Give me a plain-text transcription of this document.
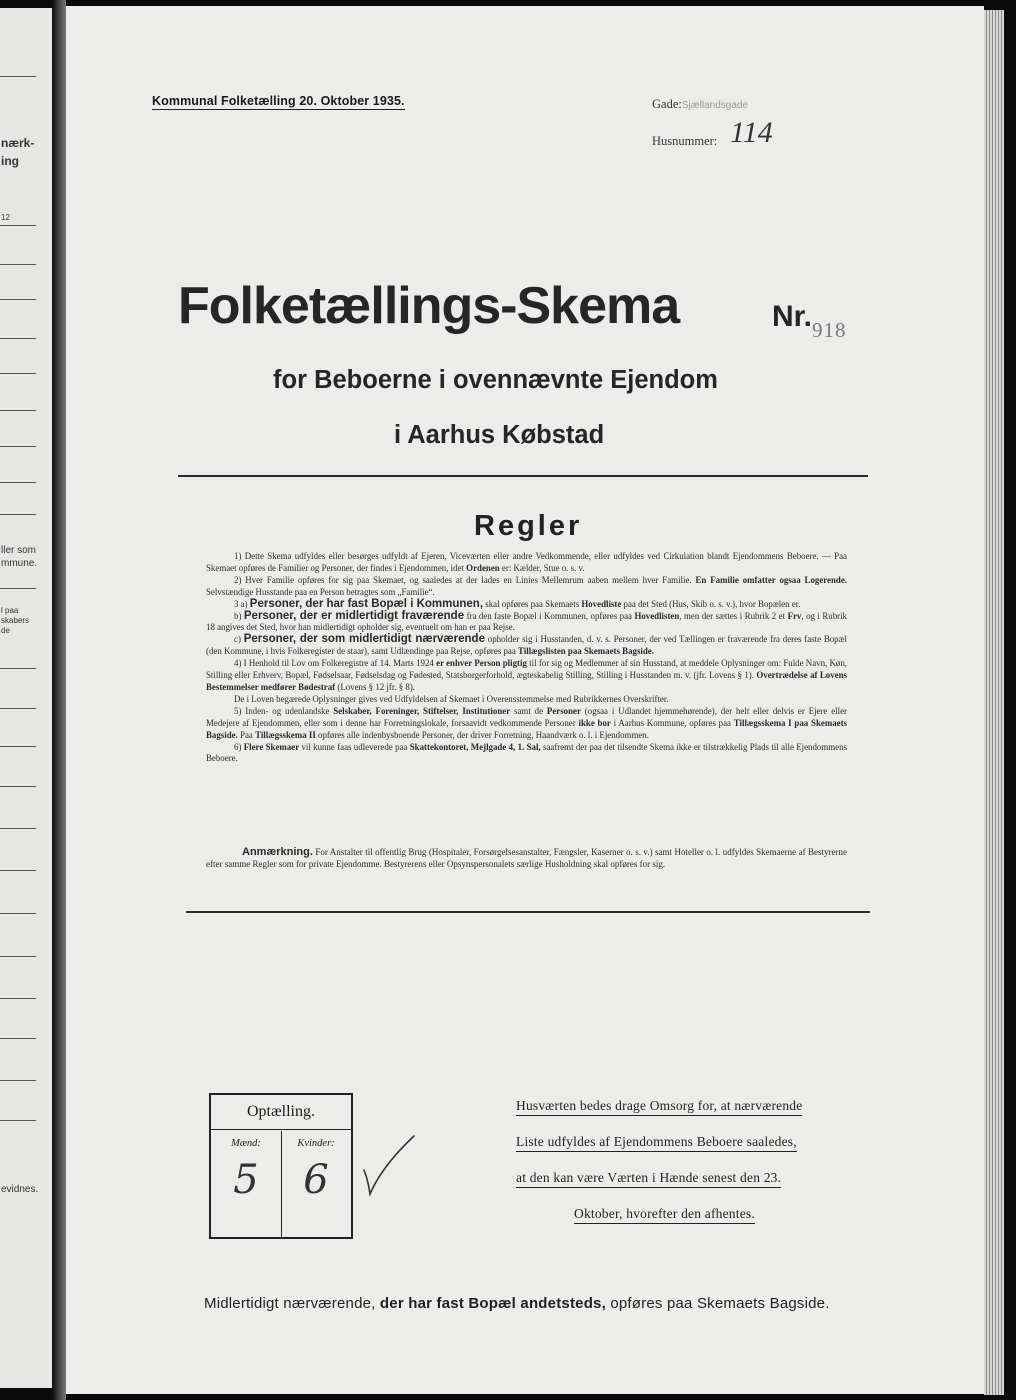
nærk-
ing
12
ller som
mmune.
l paa
skabers
de
evidnes.
Kommunal Folketælling 20. Oktober 1935.	Gade:Sjællandsgade
Husnummer: 114
Folketællings-Skema	Nr. 918
for Beboerne i ovennævnte Ejendom
i Aarhus Købstad
Regler

1) Dette Skema udfyldes eller besørges udfyldt af Ejeren, Viceværten eller andre Vedkommende, eller udfyldes ved Cirkulation blandt Ejendommens Beboere. — Paa Skemaet opføres de Familier og Personer, der findes i Ejendommen, idet Ordenen er: Kælder, Stue o. s. v.

2) Hver Familie opføres for sig paa Skemaet, og saaledes at der lades en Linies Mellemrum aaben mellem hver Familie. En Familie omfatter ogsaa Logerende. Selvstændige Husstande paa en Person betragtes som „Familie“.

3 a) Personer, der har fast Bopæl i Kommunen, skal opføres paa Skemaets Hovedliste paa det Sted (Hus, Skib o. s. v.), hvor Bopælen er.

b) Personer, der er midlertidigt fraværende fra den faste Bopæl i Kommunen, opføres paa Hovedlisten, men der sættes i Rubrik 2 et Frv, og i Rubrik 18 angives det Sted, hvor han midlertidigt opholder sig, eventuelt om han er paa Rejse.

c) Personer, der som midlertidigt nærværende opholder sig i Husstanden, d. v. s. Personer, der ved Tællingen er fraværende fra deres faste Bopæl (den Kommune, i hvis Folkeregister de staar), samt Udlændinge paa Rejse, opføres paa Tillægslisten paa Skemaets Bagside.

4) I Henhold til Lov om Folkeregistre af 14. Marts 1924 er enhver Person pligtig til for sig og Medlemmer af sin Husstand, at meddele Oplysninger om: Fulde Navn, Køn, Stilling eller Erhverv, Bopæl, Fødselsaar, Fødselsdag og Fødested, Statsborgerforhold, ægteskabelig Stilling, Stilling i Husstanden m. v. (jfr. Lovens § 1). Overtrædelse af Lovens Bestemmelser medfører Bødestraf (Lovens § 12 jfr. § 8).

De i Loven begærede Oplysninger gives ved Udfyldelsen af Skemaet i Overensstemmelse med Rubrikkernes Overskrifter.

5) Inden- og udenlandske Selskaber, Foreninger, Stiftelser, Institutioner samt de Personer (ogsaa i Udlandet hjemmehørende), der helt eller delvis er Ejere eller Medejere af Ejendommen, eller som i denne har Forretningslokale, forsaavidt vedkommende Personer ikke bor i Aarhus Kommune, opføres paa Tillægsskema I paa Skemaets Bagside. Paa Tillægsskema II opføres alle indenbysboende Personer, der driver Forretning, Haandværk o. l. i Ejendommen.

6) Flere Skemaer vil kunne faas udleverede paa Skattekontoret, Mejlgade 4, 1. Sal, saafremt der paa det tilsendte Skema ikke er tilstrækkelig Plads til alle Ejendommens Beboere.

Anmærkning. For Anstalter til offentlig Brug (Hospitaler, Forsørgelsesanstalter, Fængsler, Kaserner o. s. v.) samt Hoteller o. l. udfyldes Skemaerne af Bestyrerne efter samme Regler som for private Ejendomme. Bestyrerens eller Opsynspersonalets særlige Husholdning skal opføres for sig.
Optælling.
Mænd:
5
Kvinder:
6
Husværten bedes drage Omsorg for, at nærværende
Liste udfyldes af Ejendommens Beboere saaledes,
at den kan være Værten i Hænde senest den 23.
Oktober, hvorefter den afhentes.
Midlertidigt nærværende, der har fast Bopæl andetsteds, opføres paa Skemaets Bagside.
